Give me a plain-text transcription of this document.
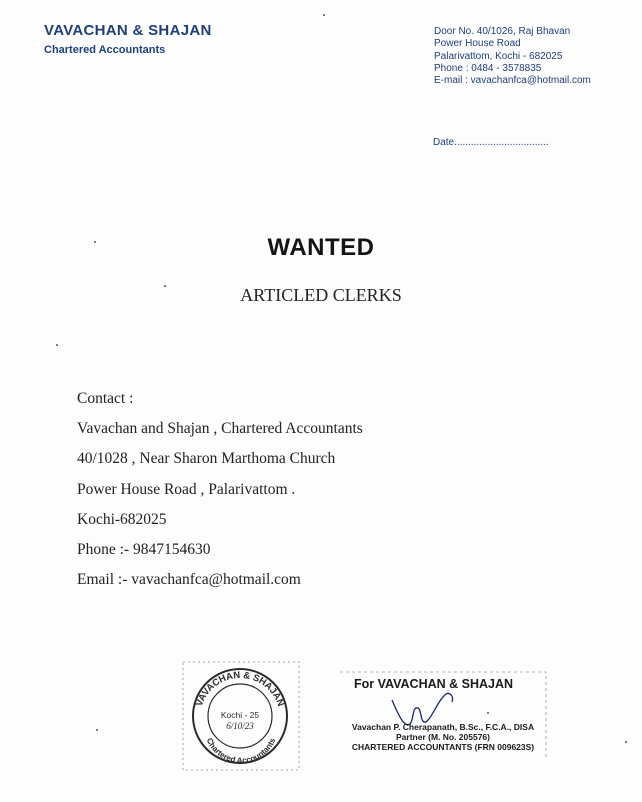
VAVACHAN & SHAJAN
Chartered Accountants
Door No. 40/1026, Raj Bhavan
Power House Road
Palarivattom, Kochi - 682025
Phone : 0484 - 3578835
E-mail : vavachanfca@hotmail.com
Date..................................
WANTED
ARTICLED CLERKS
Contact :
Vavachan and Shajan , Chartered Accountants
40/1028 , Near Sharon Marthoma Church
Power House Road , Palarivattom .
Kochi-682025
Phone :- 9847154630
Email :- vavachanfca@hotmail.com
VAVACHAN & SHAJAN
Chartered Accountants
Kochi - 25
6/10/23
For VAVACHAN & SHAJAN
Vavachan P. Cherapanath, B.Sc., F.C.A., DISA
Partner (M. No. 205576)
CHARTERED ACCOUNTANTS (FRN 009623S)
